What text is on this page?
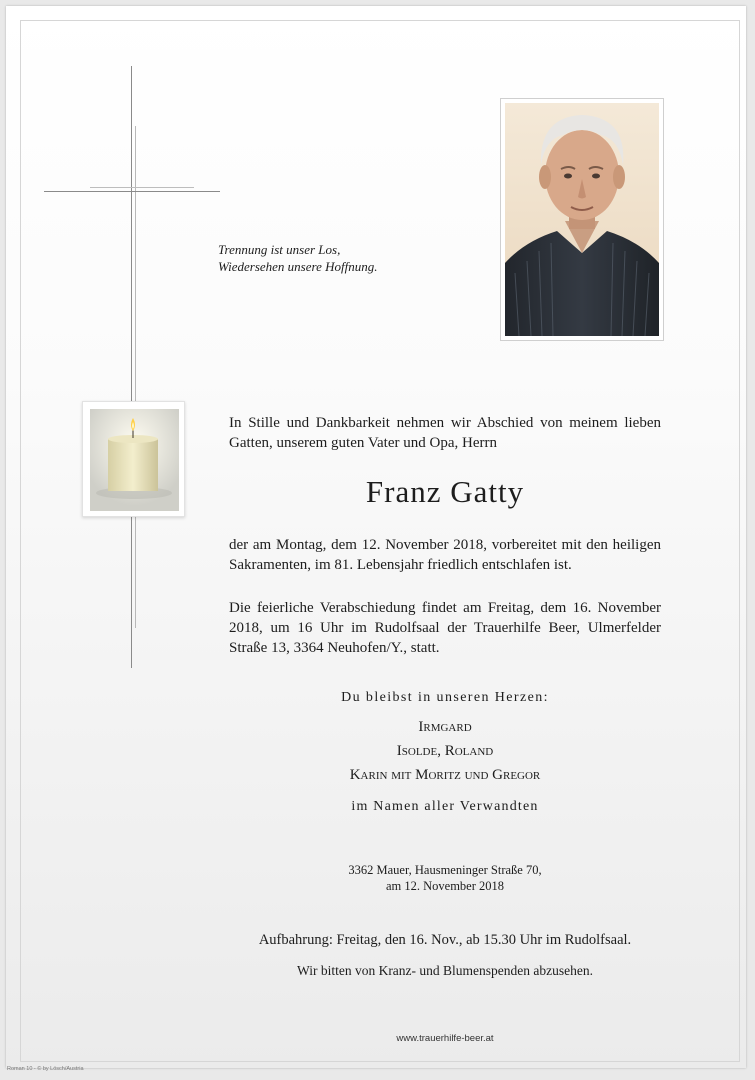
Trennung ist unser Los,
Wiedersehen unsere Hoffnung.
In Stille und Dankbarkeit nehmen wir Abschied von meinem lieben Gatten, unserem guten Vater und Opa, Herrn
Franz Gatty
der am Montag, dem 12. November 2018, vorbereitet mit den heiligen Sakramenten, im 81. Lebensjahr friedlich entschlafen ist.
Die feierliche Verabschiedung findet am Freitag, dem 16. November 2018, um 16 Uhr im Rudolfsaal der Trauerhilfe Beer, Ulmerfelder Straße 13, 3364 Neuhofen/Y., statt.
Du bleibst in unseren Herzen:
Irmgard
Isolde, Roland
Karin mit Moritz und Gregor
im Namen aller Verwandten
3362 Mauer, Hausmeninger Straße 70,
am 12. November 2018
Aufbahrung: Freitag, den 16. Nov., ab 15.30 Uhr im Rudolfsaal.
Wir bitten von Kranz- und Blumenspenden abzusehen.
www.trauerhilfe-beer.at
Roman 10 - © by Lösch/Austria
